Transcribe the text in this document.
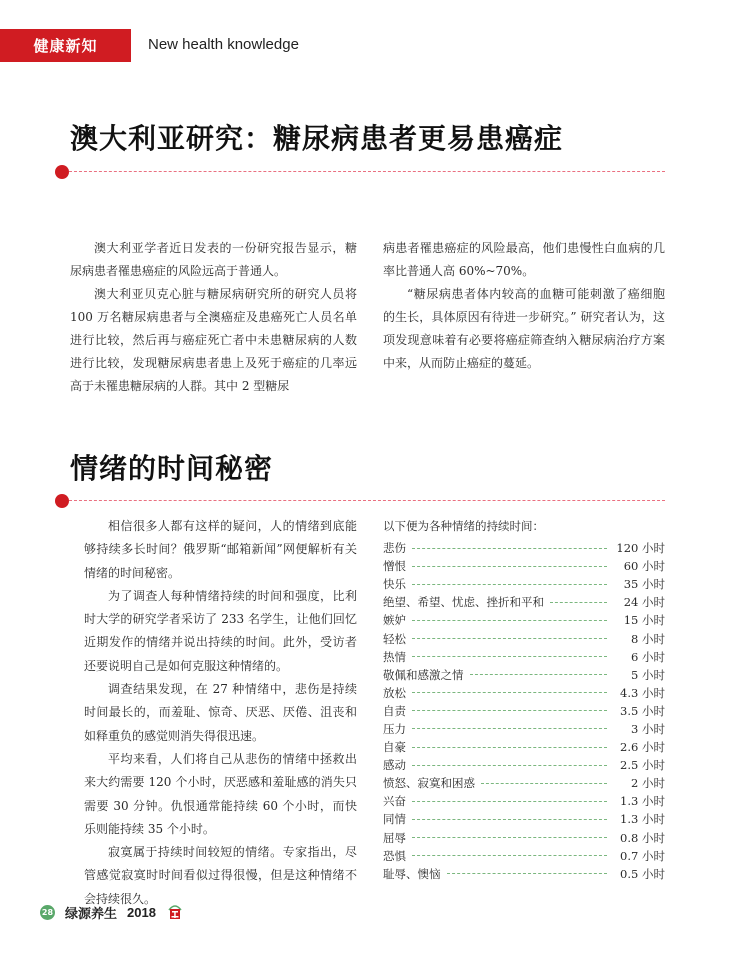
健康新知	New health knowledge
澳大利亚研究：糖尿病患者更易患癌症

澳大利亚学者近日发表的一份研究报告显示，糖尿病患者罹患癌症的风险远高于普通人。

澳大利亚贝克心脏与糖尿病研究所的研究人员将 100 万名糖尿病患者与全澳癌症及患癌死亡人员名单进行比较，然后再与癌症死亡者中未患糖尿病的人数进行比较，发现糖尿病患者患上及死于癌症的几率远高于未罹患糖尿病的人群。其中 2 型糖尿

病患者罹患癌症的风险最高，他们患慢性白血病的几率比普通人高 60%~70%。

“糖尿病患者体内较高的血糖可能刺激了癌细胞的生长，具体原因有待进一步研究。” 研究者认为，这项发现意味着有必要将癌症筛查纳入糖尿病治疗方案中来，从而防止癌症的蔓延。

情绪的时间秘密

相信很多人都有这样的疑问，人的情绪到底能够持续多长时间？俄罗斯“邮箱新闻”网便解析有关情绪的时间秘密。

为了调查人每种情绪持续的时间和强度，比利时大学的研究学者采访了 233 名学生，让他们回忆近期发作的情绪并说出持续的时间。此外，受访者还要说明自己是如何克服这种情绪的。

调查结果发现，在 27 种情绪中，悲伤是持续时间最长的，而羞耻、惊奇、厌恶、厌倦、沮丧和如释重负的感觉则消失得很迅速。

平均来看，人们将自己从悲伤的情绪中拯救出来大约需要 120 个小时，厌恶感和羞耻感的消失只需要 30 分钟。仇恨通常能持续 60 个小时，而快乐则能持续 35 个小时。

寂寞属于持续时间较短的情绪。专家指出，尽管感觉寂寞时时间看似过得很慢，但是这种情绪不会持续很久。

以下便为各种情绪的持续时间：
悲伤	120 小时
憎恨	60 小时
快乐	35 小时
绝望、希望、忧虑、挫折和平和	24 小时
嫉妒	15 小时
轻松	8 小时
热情	6 小时
敬佩和感激之情	5 小时
放松	4.3 小时
自责	3.5 小时
压力	3 小时
自豪	2.6 小时
感动	2.5 小时
愤怒、寂寞和困惑	2 小时
兴奋	1.3 小时
同情	1.3 小时
屈辱	0.8 小时
恐惧	0.7 小时
耻辱、懊恼	0.5 小时
28 绿源养生 2018
